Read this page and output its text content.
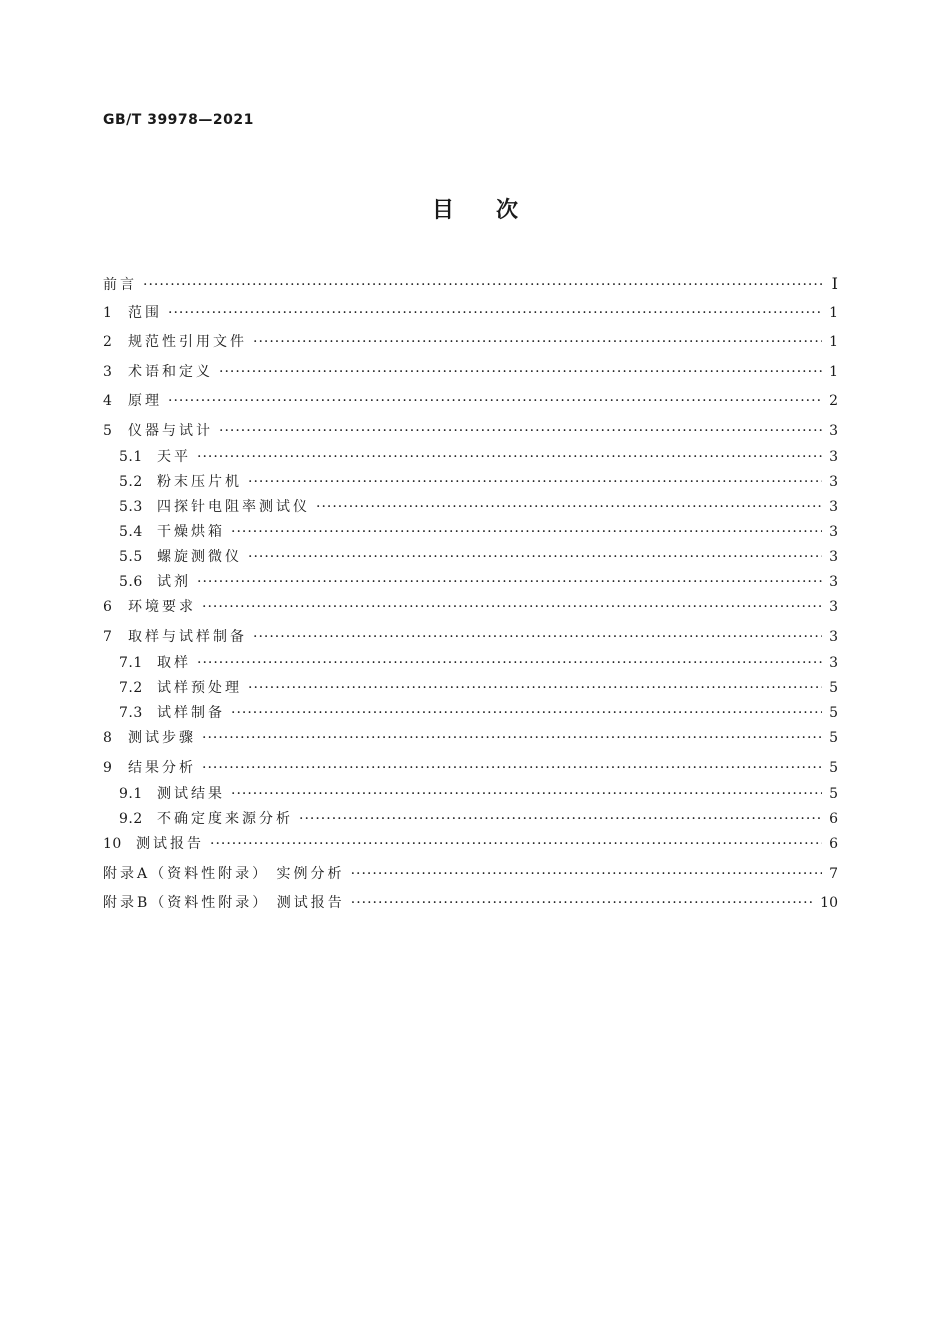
GB/T 39978—2021
目次
前言 ·····	Ⅰ
1	范围 ·····	1
2	规范性引用文件 ·····	1
3	术语和定义 ·····	1
4	原理 ·····	2
5	仪器与试计 ·····	3
5.1	天平 ·····	3
5.2	粉末压片机 ·····	3
5.3	四探针电阻率测试仪 ·····	3
5.4	干燥烘箱 ·····	3
5.5	螺旋测微仪 ·····	3
5.6	试剂 ·····	3
6	环境要求 ·····	3
7	取样与试样制备 ·····	3
7.1	取样 ·····	3
7.2	试样预处理 ·····	5
7.3	试样制备 ·····	5
8	测试步骤 ·····	5
9	结果分析 ·····	5
9.1	测试结果 ·····	5
9.2	不确定度来源分析 ·····	6
10	测试报告 ·····	6
附录A（资料性附录） 实例分析 ·····	7
附录B（资料性附录） 测试报告 ·····	10
